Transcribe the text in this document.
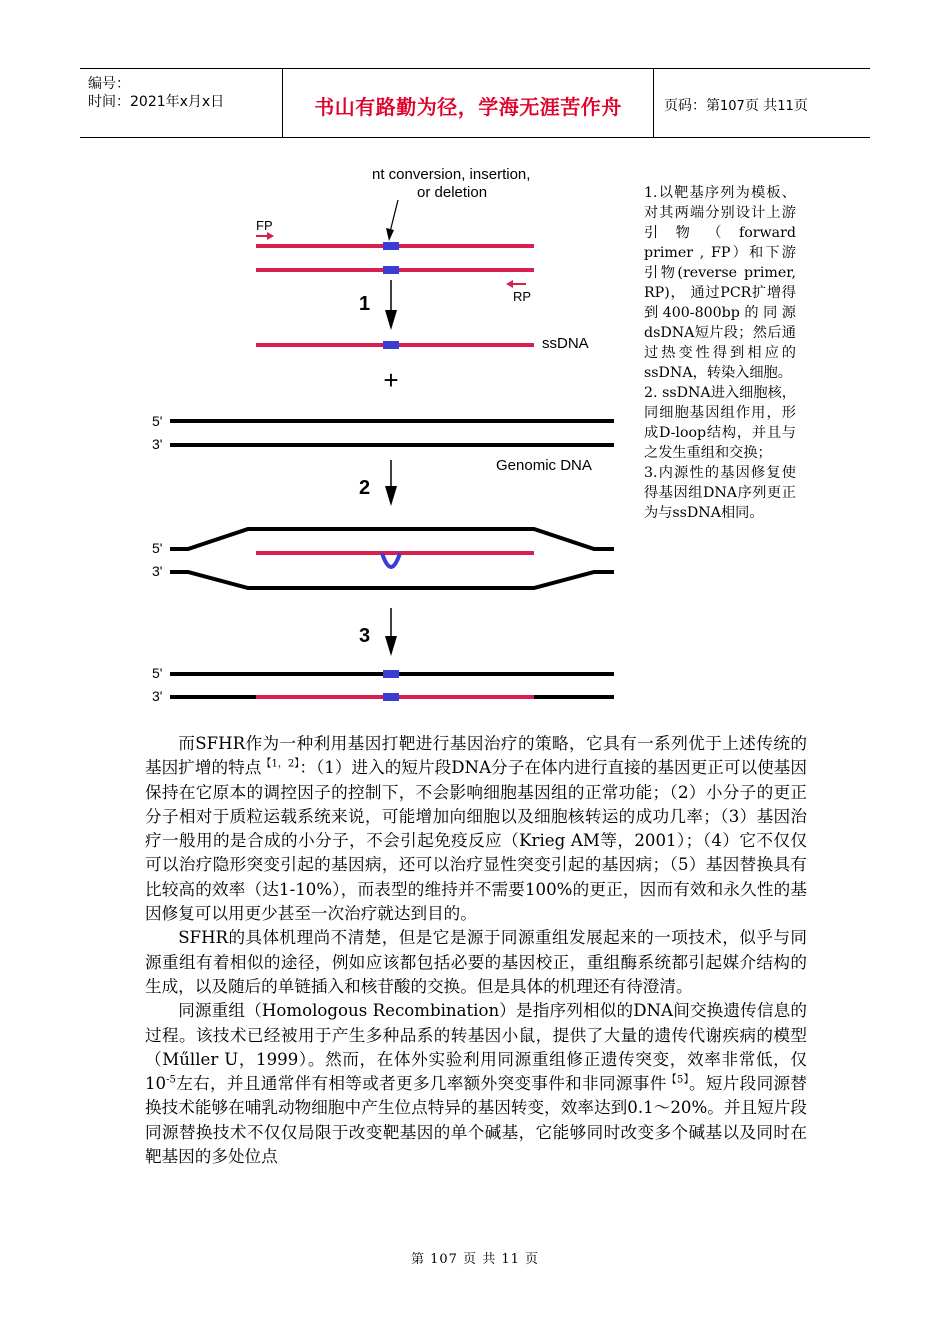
编号：
时间：2021年x月x日	书山有路勤为径，学海无涯苦作舟	页码：第107页 共11页
nt conversion, insertion,
or deletion
FP
RP
1
ssDNA
+
5'
3'
Genomic DNA
2
5'
3'
3
5'
3'

1.以靶基序列为模板、对其两端分别设计上游引物（forward primer , FP）和下游引物(reverse primer, RP)， 通过PCR扩增得到400-800bp的同源dsDNA短片段；然后通过热变性得到相应的ssDNA，转染入细胞。

2. ssDNA进入细胞核，同细胞基因组作用，形成D-loop结构，并且与之发生重组和交换；

3.内源性的基因修复使得基因组DNA序列更正为与ssDNA相同。

而SFHR作为一种利用基因打靶进行基因治疗的策略，它具有一系列优于上述传统的基因扩增的特点$^{【1,2】}$：（1）进入的短片段DNA分子在体内进行直接的基因更正可以使基因保持在它原本的调控因子的控制下，不会影响细胞基因组的正常功能；（2）小分子的更正分子相对于质粒运载系统来说，可能增加向细胞以及细胞核转运的成功几率；（3）基因治疗一般用的是合成的小分子，不会引起免疫反应（Krieg AM等，2001）；（4）它不仅仅可以治疗隐形突变引起的基因病，还可以治疗显性突变引起的基因病；（5）基因替换具有比较高的效率（达1-10%），而表型的维持并不需要100%的更正，因而有效和永久性的基因修复可以用更少甚至一次治疗就达到目的。

SFHR的具体机理尚不清楚，但是它是源于同源重组发展起来的一项技术，似乎与同源重组有着相似的途径，例如应该都包括必要的基因校正，重组酶系统都引起媒介结构的生成，以及随后的单链插入和核苷酸的交换。但是具体的机理还有待澄清。

同源重组（Homologous Recombination）是指序列相似的DNA间交换遗传信息的过程。该技术已经被用于产生多种品系的转基因小鼠，提供了大量的遗传代谢疾病的模型（Műller U，1999）。然而，在体外实验利用同源重组修正遗传突变，效率非常低，仅$10^{-5}$左右，并且通常伴有相等或者更多几率额外突变事件和非同源事件$^{【5】}$。短片段同源替换技术能够在哺乳动物细胞中产生位点特异的基因转变，效率达到0.1～20%。并且短片段同源替换技术不仅仅局限于改变靶基因的单个碱基，它能够同时改变多个碱基以及同时在靶基因的多处位点

第 107 页 共 11 页
